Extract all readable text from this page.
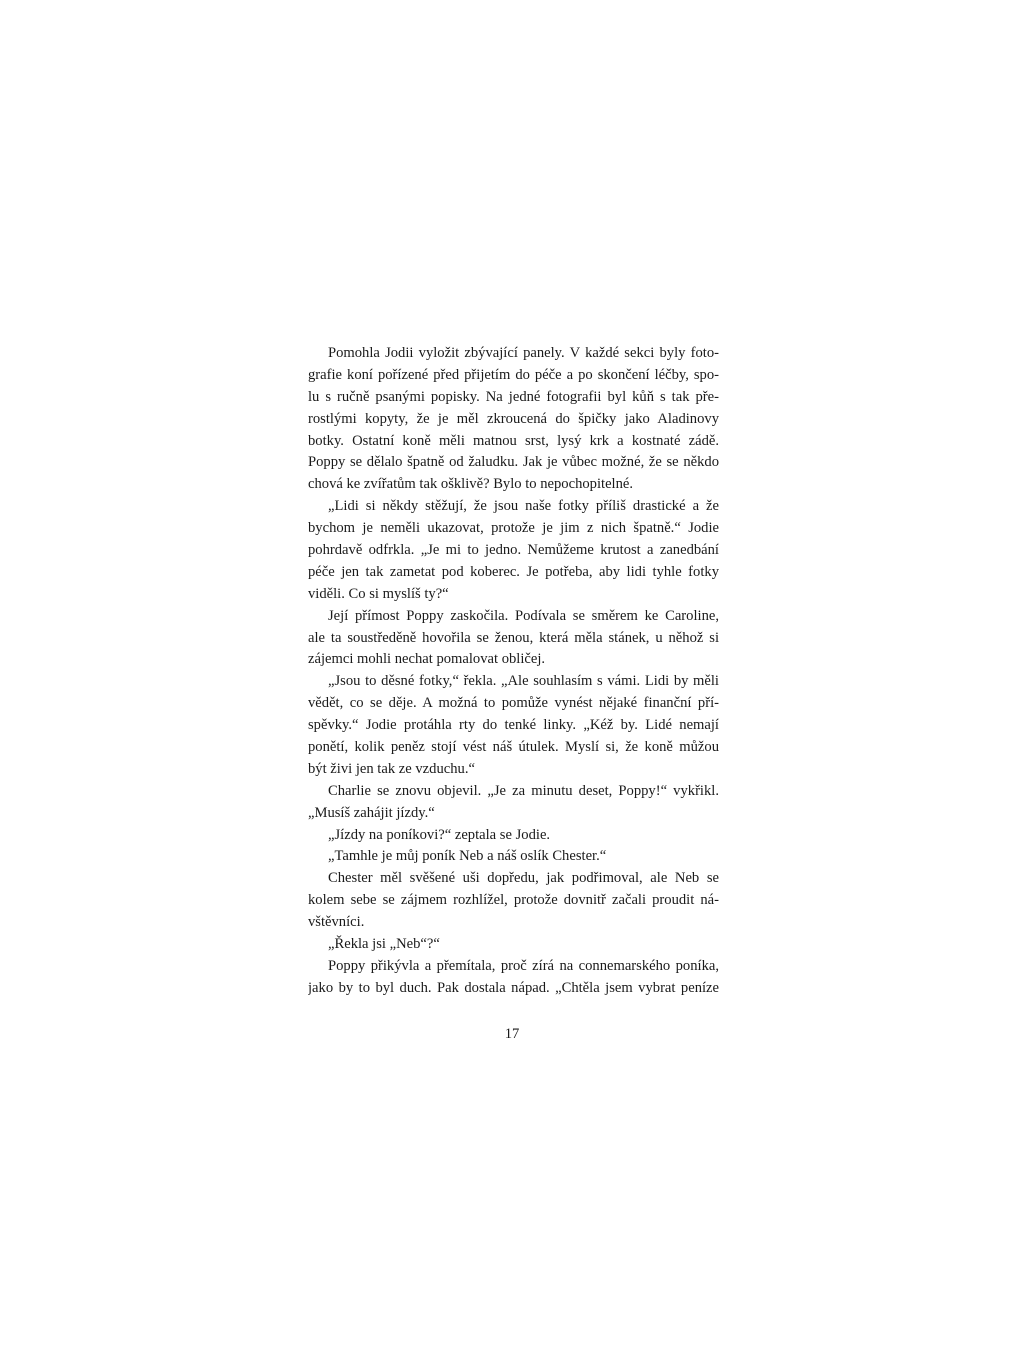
Pomohla Jodii vyložit zbývající panely. V každé sekci byly foto-
grafie koní pořízené před přijetím do péče a po skončení léčby, spo-
lu s ručně psanými popisky. Na jedné fotografii byl kůň s tak pře-
rostlými kopyty, že je měl zkroucená do špičky jako Aladinovy
botky. Ostatní koně měli matnou srst, lysý krk a kostnaté zádě.
Poppy se dělalo špatně od žaludku. Jak je vůbec možné, že se někdo
chová ke zvířatům tak ošklivě? Bylo to nepochopitelné.
„Lidi si někdy stěžují, že jsou naše fotky příliš drastické a že
bychom je neměli ukazovat, protože je jim z nich špatně.“ Jodie
pohrdavě odfrkla. „Je mi to jedno. Nemůžeme krutost a zanedbání
péče jen tak zametat pod koberec. Je potřeba, aby lidi tyhle fotky
viděli. Co si myslíš ty?“
Její přímost Poppy zaskočila. Podívala se směrem ke Caroline,
ale ta soustředěně hovořila se ženou, která měla stánek, u něhož si
zájemci mohli nechat pomalovat obličej.
„Jsou to děsné fotky,“ řekla. „Ale souhlasím s vámi. Lidi by měli
vědět, co se děje. A možná to pomůže vynést nějaké finanční pří-
spěvky.“ Jodie protáhla rty do tenké linky. „Kéž by. Lidé nemají
ponětí, kolik peněz stojí vést náš útulek. Myslí si, že koně můžou
být živi jen tak ze vzduchu.“
Charlie se znovu objevil. „Je za minutu deset, Poppy!“ vykřikl.
„Musíš zahájit jízdy.“
„Jízdy na poníkovi?“ zeptala se Jodie.
„Tamhle je můj poník Neb a náš oslík Chester.“
Chester měl svěšené uši dopředu, jak podřimoval, ale Neb se
kolem sebe se zájmem rozhlížel, protože dovnitř začali proudit ná-
vštěvníci.
„Řekla jsi „Neb“?“
Poppy přikývla a přemítala, proč zírá na connemarského poníka,
jako by to byl duch. Pak dostala nápad. „Chtěla jsem vybrat peníze
17
